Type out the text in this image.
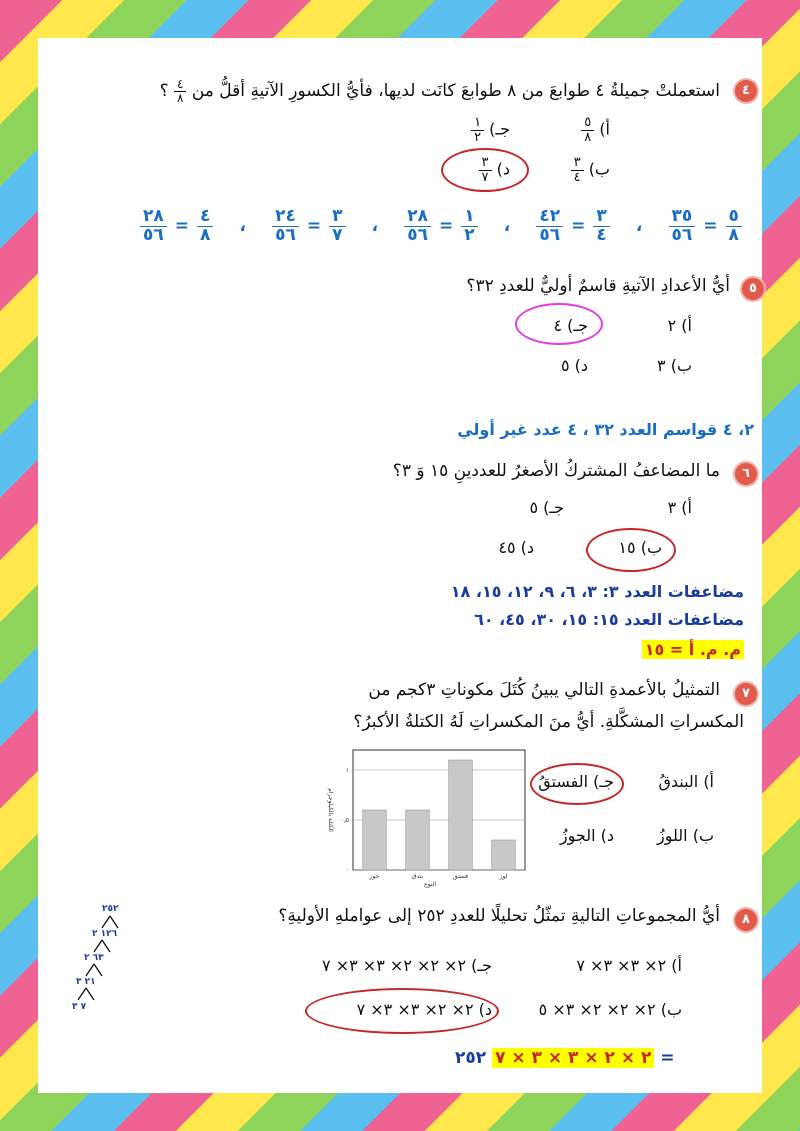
٤
استعملتْ جميلةُ ٤ طوابعَ من ٨ طوابعَ كانَت لديها، فأيُّ الكسورِ الآتيةِ أقلُّ من
$\frac{٤}{٨}$
؟
أ)
$\frac{٥}{٨}$
ب)
$\frac{٣}{٤}$
جـ)
$\frac{١}{٢}$
د)
$\frac{٣}{٧}$
$\frac{٥}{٨}$
=
$\frac{٣٥}{٥٦}$
،
$\frac{٣}{٤}$
=
$\frac{٤٢}{٥٦}$
،
$\frac{١}{٢}$
=
$\frac{٢٨}{٥٦}$
،
$\frac{٣}{٧}$
=
$\frac{٢٤}{٥٦}$
،
$\frac{٤}{٨}$
=
$\frac{٢٨}{٥٦}$
٥
أيُّ الأعدادِ الآتيةِ قاسمٌ أوليٌّ للعددِ ٣٢؟
أ) ٢
ب) ٣
جـ) ٤
د) ٥
٢، ٤ قواسم العدد ٣٢ ، ٤ عدد غير أولي
٦
ما المضاعفُ المشتركُ الأصغرُ للعددينِ ١٥ وَ ٣؟
أ) ٣
ب) ١٥
جـ) ٥
د) ٤٥
مضاعفات العدد ٣: ٣، ٦، ٩، ١٢، ١٥، ١٨
مضاعفات العدد ١٥: ١٥، ٣٠، ٤٥، ٦٠
م. م. أ = ١٥
٧
التمثيلُ بالأعمدةِ التالي يبينُ كُتَلَ مكوناتِ ٣كجم من
المكسراتِ المشكَّلةِ. أيُّ منَ المكسراتِ لَهُ الكتلةُ الأكبرُ؟
أ) البندقُ
ب) اللوزُ
جـ) الفستقُ
د) الجوزُ
٠
٠٫٥
١
جوز	بندق	فستق	لوز
النوع
الكتلة بالكيلوجرام
٨
أيُّ المجموعاتِ التاليةِ تمثّلُ تحليلًا للعددِ ٢٥٢ إلى عواملهِ الأوليةِ؟
أ) ٢× ٣× ٣× ٧
ب) ٢× ٢× ٢× ٣× ٥
جـ) ٢× ٢× ٢× ٣× ٣× ٧
د) ٢× ٢× ٣× ٣× ٧
٢ × ٢ × ٣ × ٣ × ٧ ٢٥٢ =
٢٥٢
١٢٦ ٢
٦٣ ٢
٢١ ٣
٧ ٣
